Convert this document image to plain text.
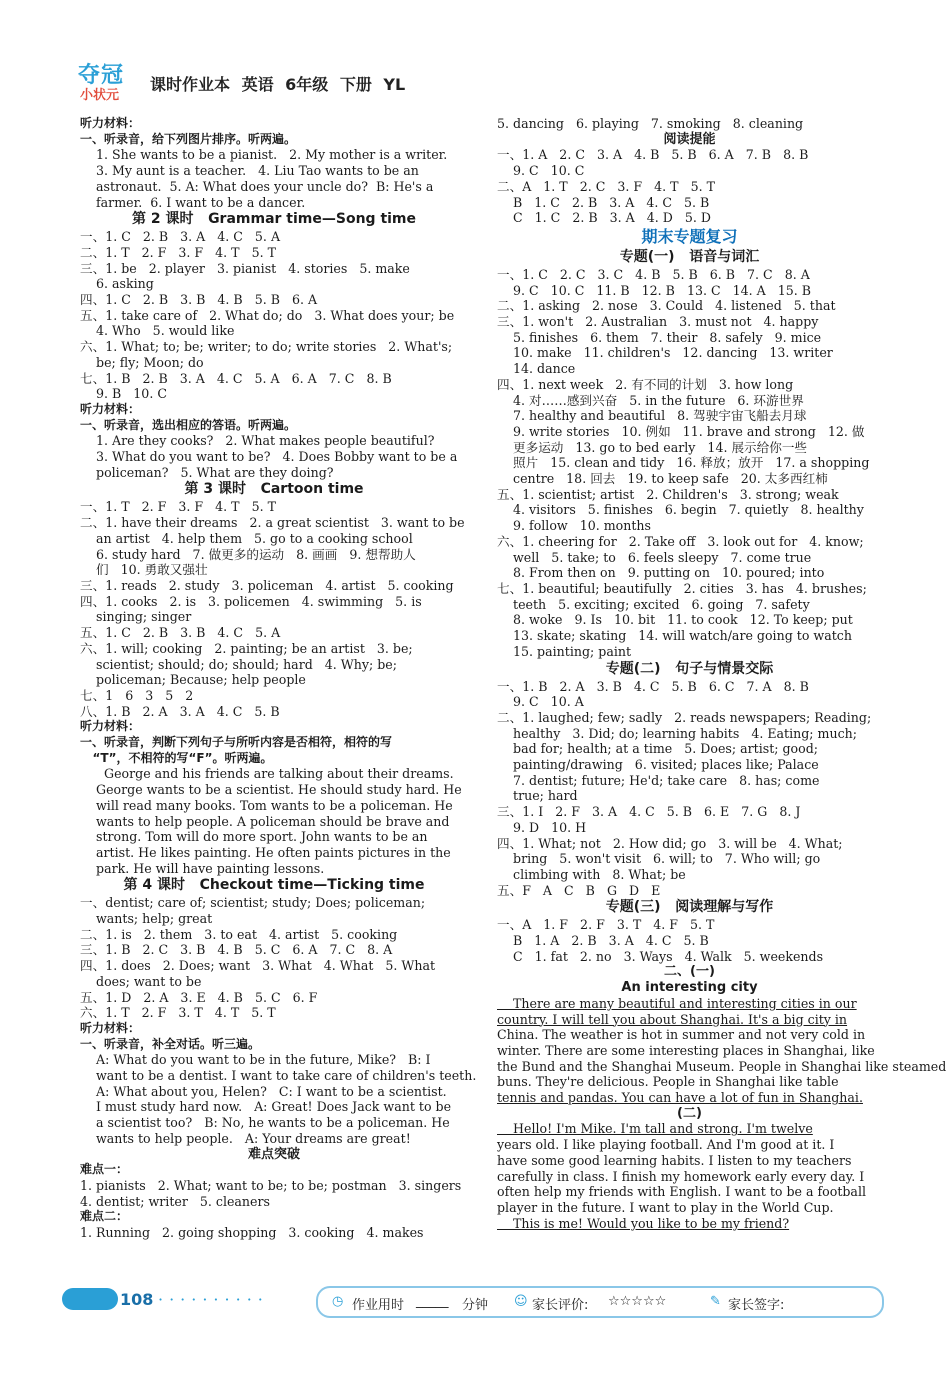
夺冠
小状元
课时作业本 英语 6年级 下册 YL
听力材料：
一、听录音，给下列图片排序。听两遍。
1. She wants to be a pianist.   2. My mother is a writer.
3. My aunt is a teacher.   4. Liu Tao wants to be an
astronaut.  5. A: What does your uncle do?  B: He's a
farmer.  6. I want to be a dancer.
第 2 课时   Grammar time—Song time
一、1. C   2. B   3. A   4. C   5. A
二、1. T   2. F   3. F   4. T   5. T
三、1. be   2. player   3. pianist   4. stories   5. make
6. asking
四、1. C   2. B   3. B   4. B   5. B   6. A
五、1. take care of   2. What do; do   3. What does your; be
4. Who   5. would like
六、1. What; to; be; writer; to do; write stories   2. What's;
be; fly; Moon; do
七、1. B   2. B   3. A   4. C   5. A   6. A   7. C   8. B
9. B   10. C
听力材料：
一、听录音，选出相应的答语。听两遍。
1. Are they cooks?   2. What makes people beautiful?
3. What do you want to be?   4. Does Bobby want to be a
policeman?   5. What are they doing?
第 3 课时   Cartoon time
一、1. T   2. F   3. F   4. T   5. T
二、1. have their dreams   2. a great scientist   3. want to be
an artist   4. help them   5. go to a cooking school
6. study hard   7. 做更多的运动   8. 画画   9. 想帮助人
们   10. 勇敢又强壮
三、1. reads   2. study   3. policeman   4. artist   5. cooking
四、1. cooks   2. is   3. policemen   4. swimming   5. is
singing; singer
五、1. C   2. B   3. B   4. C   5. A
六、1. will; cooking   2. painting; be an artist   3. be;
scientist; should; do; should; hard   4. Why; be;
policeman; Because; help people
七、1   6   3   5   2
八、1. B   2. A   3. A   4. C   5. B
听力材料：
一、听录音，判断下列句子与所听内容是否相符，相符的写
“T”，不相符的写“F”。听两遍。
George and his friends are talking about their dreams.
George wants to be a scientist. He should study hard. He
will read many books. Tom wants to be a policeman. He
wants to help people. A policeman should be brave and
strong. Tom will do more sport. John wants to be an
artist. He likes painting. He often paints pictures in the
park. He will have painting lessons.
第 4 课时   Checkout time—Ticking time
一、dentist; care of; scientist; study; Does; policeman;
wants; help; great
二、1. is   2. them   3. to eat   4. artist   5. cooking
三、1. B   2. C   3. B   4. B   5. C   6. A   7. C   8. A
四、1. does   2. Does; want   3. What   4. What   5. What
does; want to be
五、1. D   2. A   3. E   4. B   5. C   6. F
六、1. T   2. F   3. T   4. T   5. T
听力材料：
一、听录音，补全对话。听三遍。
A: What do you want to be in the future, Mike?   B: I
want to be a dentist. I want to take care of children's teeth.
A: What about you, Helen?   C: I want to be a scientist.
I must study hard now.   A: Great! Does Jack want to be
a scientist too?   B: No, he wants to be a policeman. He
wants to help people.   A: Your dreams are great!
难点突破
难点一：
1. pianists   2. What; want to be; to be; postman   3. singers
4. dentist; writer   5. cleaners
难点二：
1. Running   2. going shopping   3. cooking   4. makes
5. dancing   6. playing   7. smoking   8. cleaning
阅读提能
一、1. A   2. C   3. A   4. B   5. B   6. A   7. B   8. B
9. C   10. C
二、A   1. T   2. C   3. F   4. T   5. T
B   1. C   2. B   3. A   4. C   5. B
C   1. C   2. B   3. A   4. D   5. D
期末专题复习
专题(一)   语音与词汇
一、1. C   2. C   3. C   4. B   5. B   6. B   7. C   8. A
9. C   10. C   11. B   12. B   13. C   14. A   15. B
二、1. asking   2. nose   3. Could   4. listened   5. that
三、1. won't   2. Australian   3. must not   4. happy
5. finishes   6. them   7. their   8. safely   9. mice
10. make   11. children's   12. dancing   13. writer
14. dance
四、1. next week   2. 有不同的计划   3. how long
4. 对……感到兴奋   5. in the future   6. 环游世界
7. healthy and beautiful   8. 驾驶宇宙飞船去月球
9. write stories   10. 例如   11. brave and strong   12. 做
更多运动   13. go to bed early   14. 展示给你一些
照片   15. clean and tidy   16. 释放；放开   17. a shopping
centre   18. 回去   19. to keep safe   20. 太多西红柿
五、1. scientist; artist   2. Children's   3. strong; weak
4. visitors   5. finishes   6. begin   7. quietly   8. healthy
9. follow   10. months
六、1. cheering for   2. Take off   3. look out for   4. know;
well   5. take; to   6. feels sleepy   7. come true
8. From then on   9. putting on   10. poured; into
七、1. beautiful; beautifully   2. cities   3. has   4. brushes;
teeth   5. exciting; excited   6. going   7. safety
8. woke   9. Is   10. bit   11. to cook   12. To keep; put
13. skate; skating   14. will watch/are going to watch
15. painting; paint
专题(二)   句子与情景交际
一、1. B   2. A   3. B   4. C   5. B   6. C   7. A   8. B
9. C   10. A
二、1. laughed; few; sadly   2. reads newspapers; Reading;
healthy   3. Did; do; learning habits   4. Eating; much;
bad for; health; at a time   5. Does; artist; good;
painting/drawing   6. visited; places like; Palace
7. dentist; future; He'd; take care   8. has; come
true; hard
三、1. I   2. F   3. A   4. C   5. B   6. E   7. G   8. J
9. D   10. H
四、1. What; not   2. How did; go   3. will be   4. What;
bring   5. won't visit   6. will; to   7. Who will; go
climbing with   8. What; be
五、F   A   C   B   G   D   E
专题(三)   阅读理解与写作
一、A   1. F   2. F   3. T   4. F   5. T
B   1. A   2. B   3. A   4. C   5. B
C   1. fat   2. no   3. Ways   4. Walk   5. weekends
二、(一)
An interesting city
There are many beautiful and interesting cities in our
country. I will tell you about Shanghai. It's a big city in
China. The weather is hot in summer and not very cold in
winter. There are some interesting places in Shanghai, like
the Bund and the Shanghai Museum. People in Shanghai like steamed
buns. They're delicious. People in Shanghai like table
tennis and pandas. You can have a lot of fun in Shanghai.
(二)
Hello! I'm Mike. I'm tall and strong. I'm twelve
years old. I like playing football. And I'm good at it. I
have some good learning habits. I listen to my teachers
carefully in class. I finish my homework early every day. I
often help my friends with English. I want to be a football
player in the future. I want to play in the World Cup.
This is me! Would you like to be my friend?
108 ··········	◷ 作业用时 _____ 分钟 ☺ 家长评价: ☆☆☆☆☆	✎ 家长签字:
